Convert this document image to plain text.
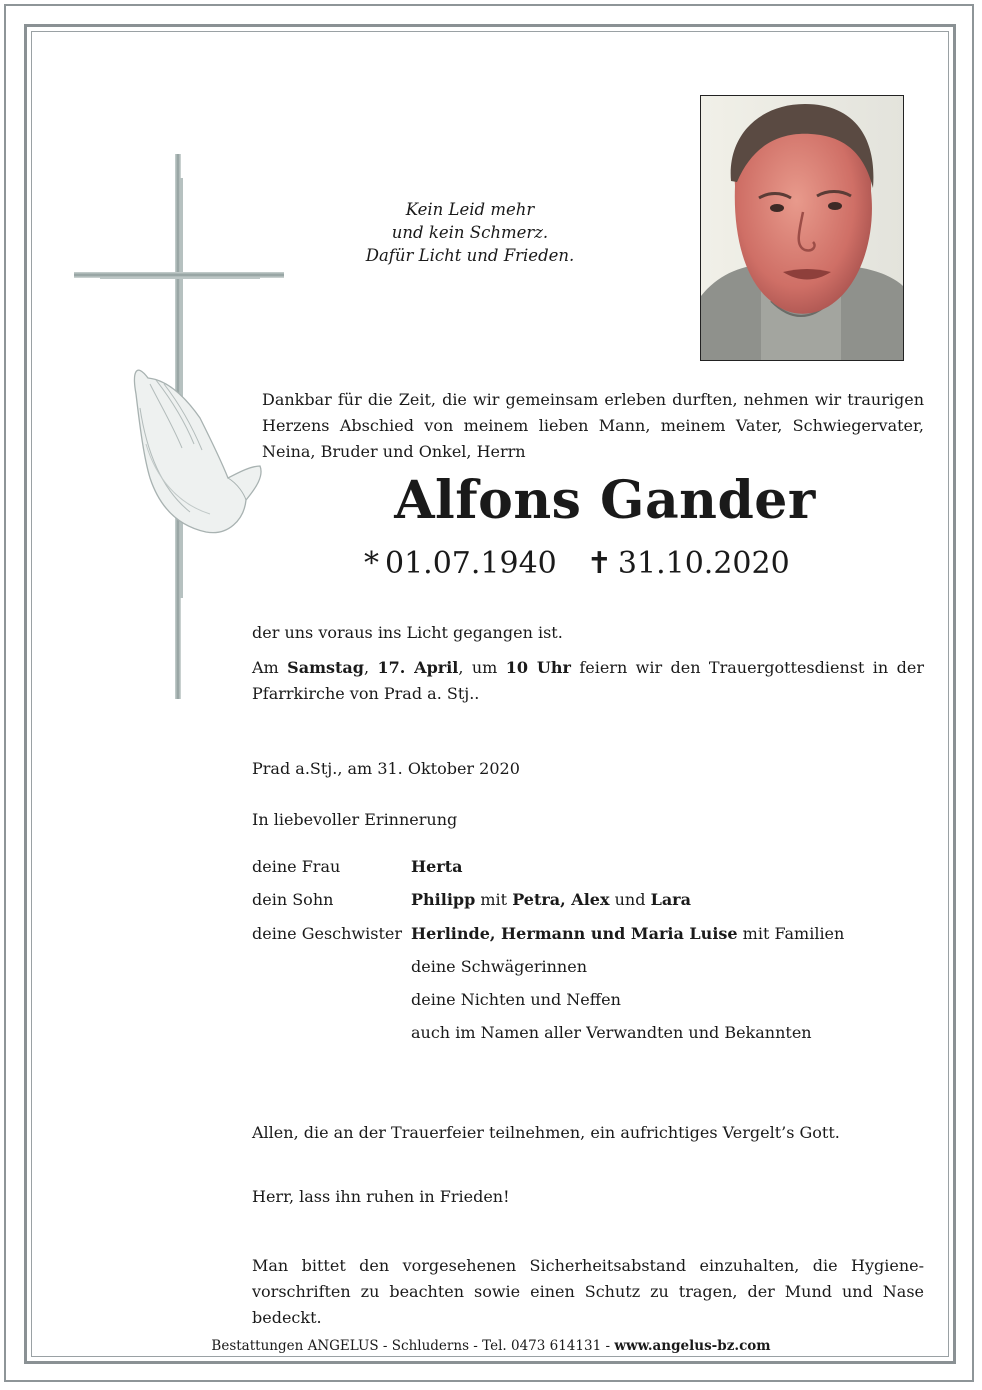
Kein Leid mehr
und kein Schmerz.
Dafür Licht und Frieden.
Dankbar für die Zeit, die wir gemeinsam erleben durften, nehmen wir traurigen Herzens Abschied von meinem lieben Mann, meinem Vater, Schwiegervater, Neina, Bruder und Onkel, Herrn
Alfons Gander
* 01.07.1940 ✝ 31.10.2020
der uns voraus ins Licht gegangen ist.
Am Samstag, 17. April, um 10 Uhr feiern wir den Trauergottesdienst in der Pfarrkirche von Prad a. Stj..
Prad a.Stj., am 31. Oktober 2020
In liebevoller Erinnerung
deine Frau	Herta
dein Sohn	Philipp mit Petra, Alex und Lara
deine Geschwister Herlinde, Hermann und Maria Luise mit Familien
deine Schwägerinnen
deine Nichten und Neffen
auch im Namen aller Verwandten und Bekannten
Allen, die an der Trauerfeier teilnehmen, ein aufrichtiges Vergelt’s Gott.
Herr, lass ihn ruhen in Frieden!
Man bittet den vorgesehenen Sicherheitsabstand einzuhalten, die Hygiene-vorschriften zu beachten sowie einen Schutz zu tragen, der Mund und Nase bedeckt.
Bestattungen ANGELUS - Schluderns - Tel. 0473 614131 - www.angelus-bz.com
